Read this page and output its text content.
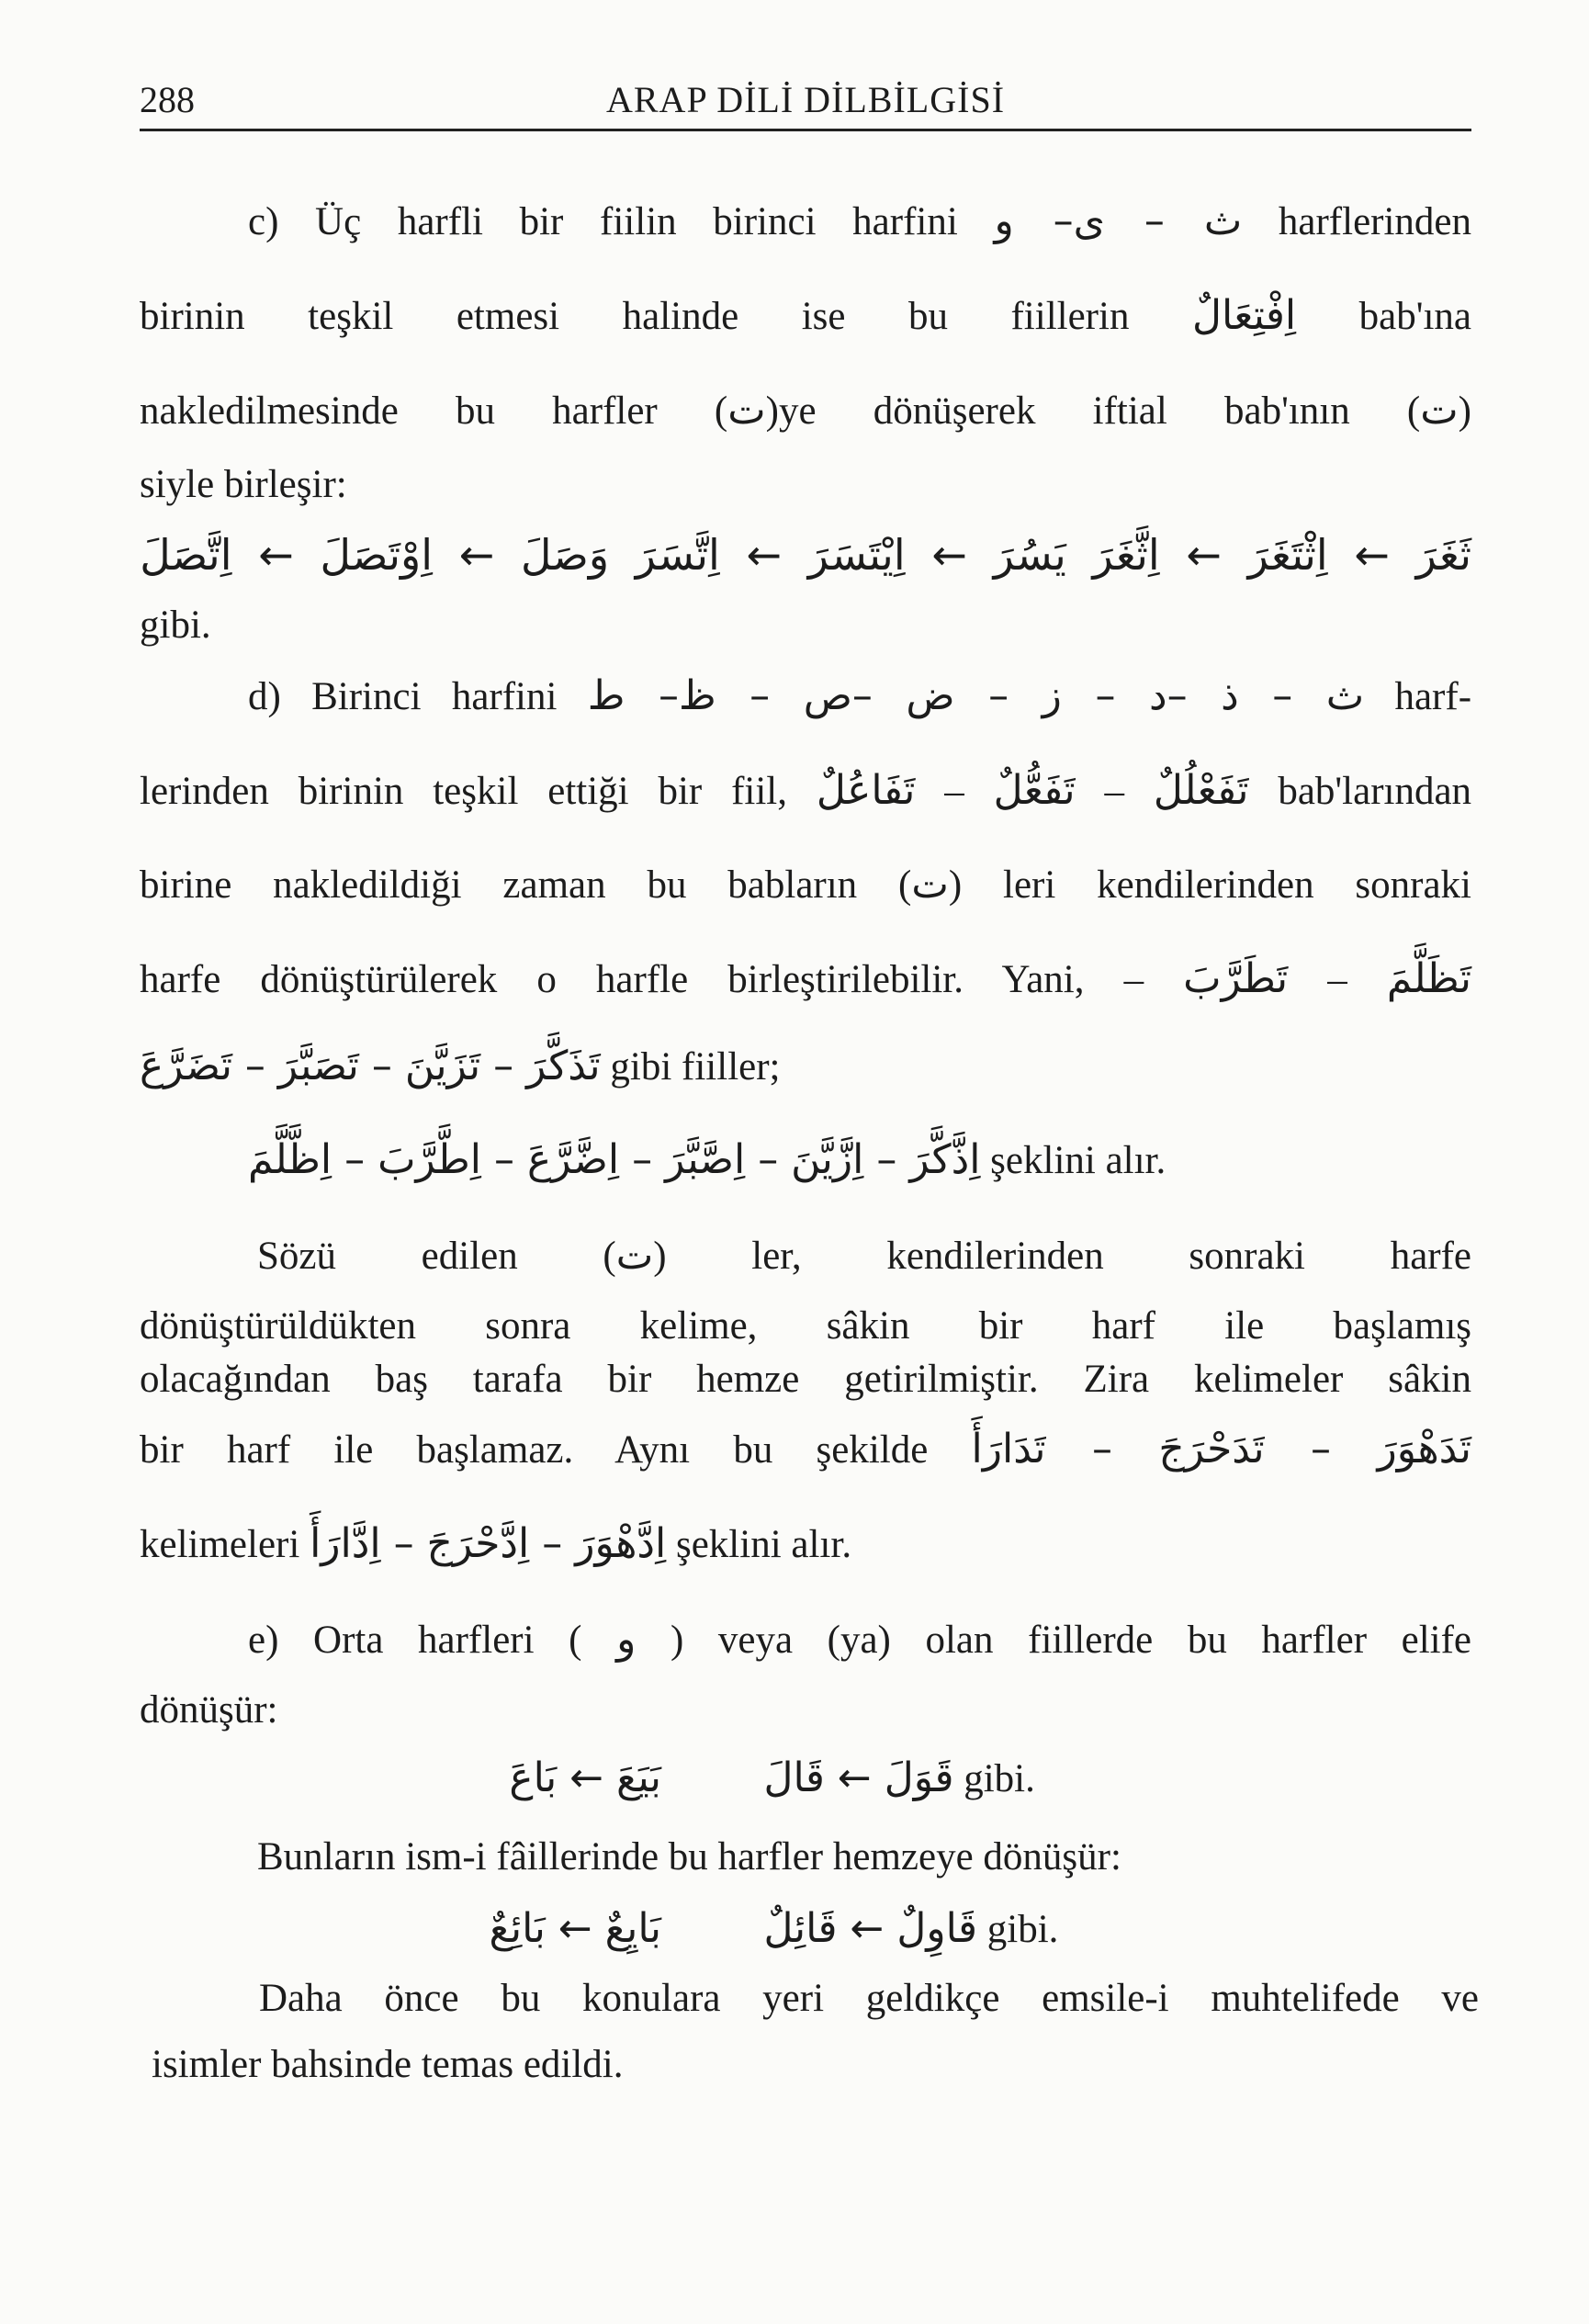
288	ARAP DİLİ DİLBİLGİSİ
c) Üç harfli bir fiilin birinci harfini ث – ى– و harflerinden
birinin teşkil etmesi halinde ise bu fiillerin اِفْتِعَالٌ bab'ına
nakledilmesinde bu harfler (ت)ye dönüşerek iftial bab'ının (ت)
siyle birleşir:
ثَغَرَ
←
اِثْتَغَرَ
←
اِثَّغَرَ
يَسُرَ
←
اِيْتَسَرَ
←
اِتَّسَرَ
وَصَلَ
←
اِوْتَصَلَ
←
اِتَّصَلَ
gibi.
d) Birinci harfini ث – ذ –د – ز – ض –ص – ظ– ط harf-
lerinden birinin teşkil ettiği bir fiil, تَفَاعُلٌ – تَفَعُّلٌ – تَفَعْلُلٌ bab'larından
birine nakledildiği zaman bu babların (ت) leri kendilerinden sonraki
harfe dönüştürülerek o harfle birleştirilebilir. Yani, – تَطَرَّبَ – تَظَلَّمَ
تَذَكَّرَ – تَزَيَّنَ – تَصَبَّرَ – تَضَرَّعَ gibi fiiller;
اِذَّكَّرَ – اِزَّيَّنَ – اِصَّبَّرَ – اِضَّرَّعَ – اِطَّرَّبَ – اِظَّلَّمَ şeklini alır.
Sözü edilen (ت) ler, kendilerinden sonraki harfe
dönüştürüldükten sonra kelime, sâkin bir harf ile başlamış
olacağından baş tarafa bir hemze getirilmiştir. Zira kelimeler sâkin
bir harf ile başlamaz. Aynı bu şekilde تَدَهْوَرَ – تَدَحْرَجَ – تَدَارَأَ
kelimeleri اِدَّهْوَرَ – اِدَّحْرَجَ – اِدَّارَأَ şeklini alır.
e) Orta harfleri ( و ) veya (ya) olan fiillerde bu harfler elife
dönüşür:
بَيَعَ ← بَاعَ	قَوَلَ ← قَالَ gibi.
Bunların ism-i fâillerinde bu harfler hemzeye dönüşür:
بَايِعٌ ← بَائِعٌ	قَاوِلٌ ← قَائِلٌ gibi.
Daha önce bu konulara yeri geldikçe emsile-i muhtelifede ve
isimler bahsinde temas edildi.
